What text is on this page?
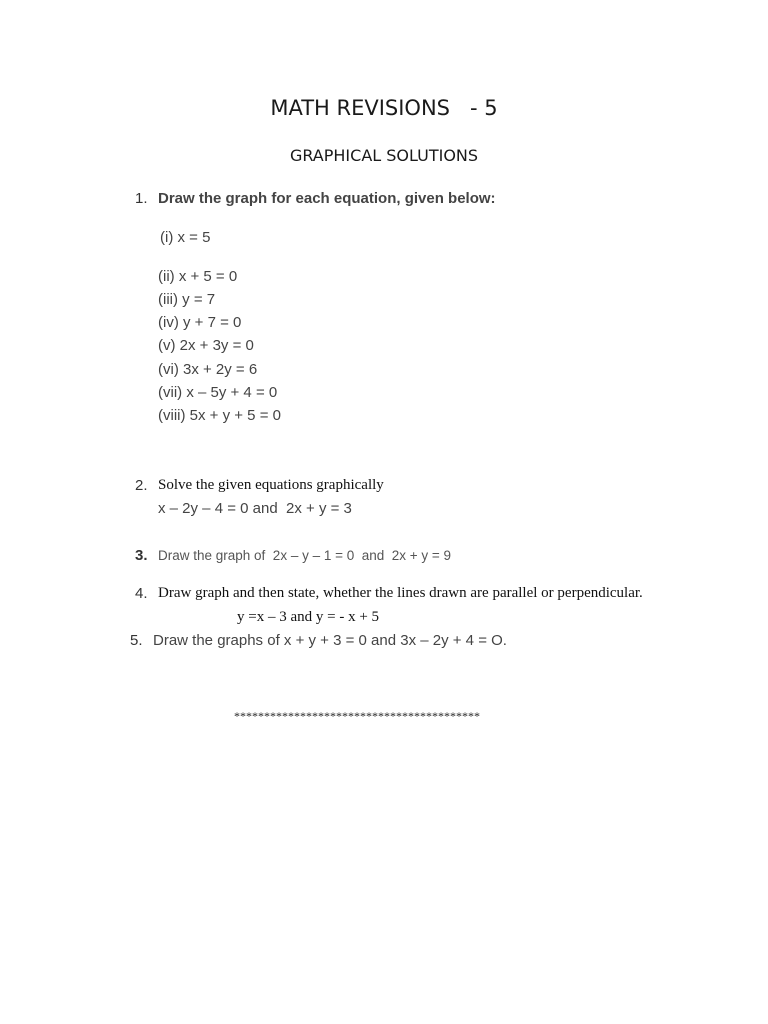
MATH REVISIONS   - 5
GRAPHICAL SOLUTIONS
1. Draw the graph for each equation, given below:
(i) x = 5
(ii) x + 5 = 0
(iii) y = 7
(iv) y + 7 = 0
(v) 2x + 3y = 0
(vi) 3x + 2y = 6
(vii) x – 5y + 4 = 0
(viii) 5x + y + 5 = 0
2. Solve the given equations graphically
x – 2y – 4 = 0 and  2x + y = 3
3. Draw the graph of  2x – y – 1 = 0  and  2x + y = 9
4. Draw graph and then state, whether the lines drawn are parallel or perpendicular.
y =x – 3 and y = - x + 5
5. Draw the graphs of x + y + 3 = 0 and 3x – 2y + 4 = O.
*****************************************
